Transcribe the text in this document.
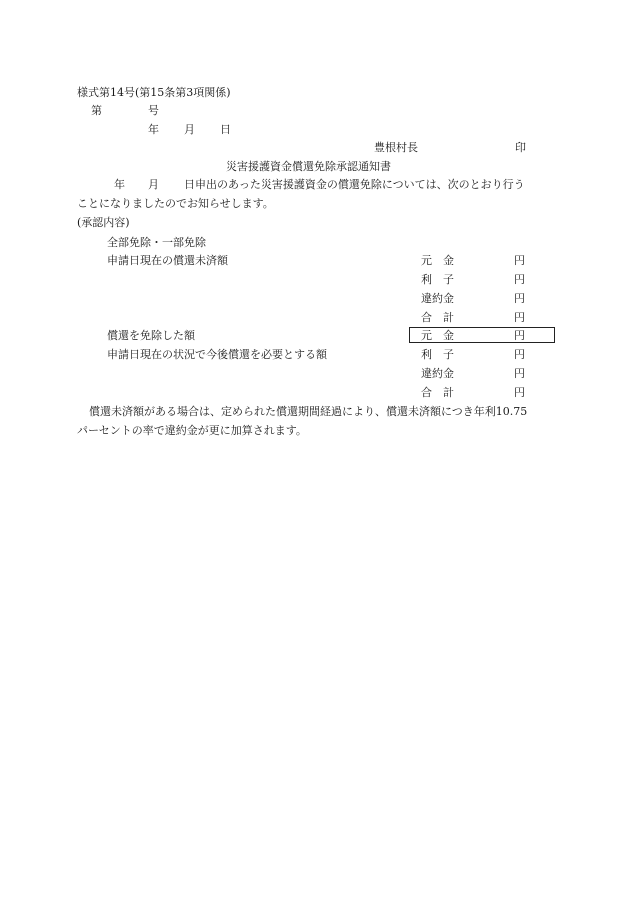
様式第14号(第15条第3項関係)
第	号
年 月 日
豊根村長	印
災害援護資金償還免除承認通知書
年 月 日申出のあった災害援護資金の償還免除については、次のとおり行う
ことになりましたのでお知らせします。
(承認内容)
全部免除・一部免除
申請日現在の償還未済額	元　金	円
利　子	円
違約金	円
合　計	円
償還を免除した額	元　金	円
申請日現在の状況で今後償還を必要とする額	利　子	円
違約金	円
合　計	円
償還未済額がある場合は、定められた償還期間経過により、償還未済額につき年利10.75
パーセントの率で違約金が更に加算されます。
